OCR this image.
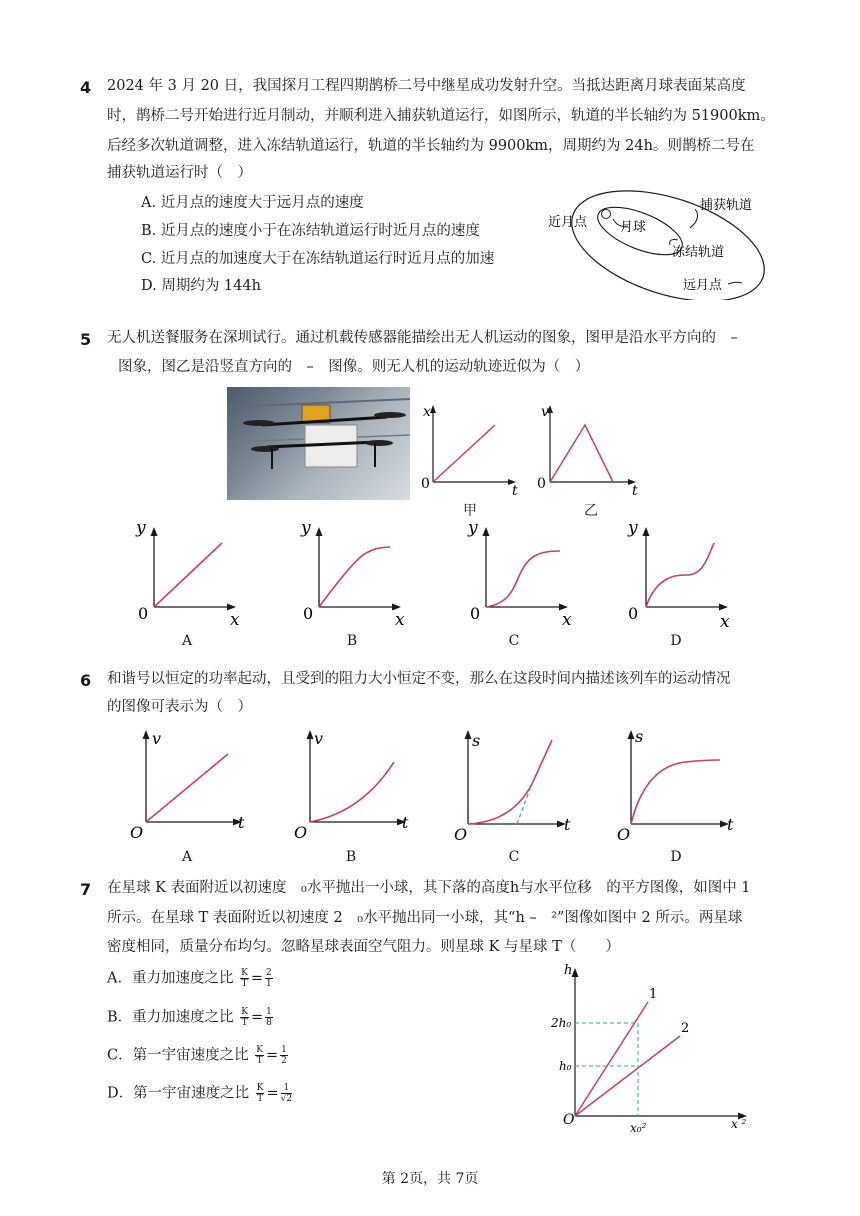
4 2024 年 3 月 20 日，我国探月工程四期鹊桥二号中继星成功发射升空。当抵达距离月球表面某高度
时，鹊桥二号开始进行近月制动，并顺利进入捕获轨道运行，如图所示，轨道的半长轴约为 51900km。
后经多次轨道调整，进入冻结轨道运行，轨道的半长轴约为 9900km，周期约为 24h。则鹊桥二号在
捕获轨道运行时（　）
A. 近月点的速度大于远月点的速度
B. 近月点的速度小于在冻结轨道运行时近月点的速度
C. 近月点的加速度大于在冻结轨道运行时近月点的加速
D. 周期约为 144h
捕获轨道
近月点	月球
冻结轨道
远月点
5 无人机送餐服务在深圳试行。通过机载传感器能描绘出无人机运动的图象，图甲是沿水平方向的　–
图象，图乙是沿竖直方向的　–　图像。则无人机的运动轨迹近似为（　）
x
t
0
甲
v
t
0
乙
y
x
0
A
y
x
0
B
y
x
0
C
y
x
0
D
6 和谐号以恒定的功率起动，且受到的阻力大小恒定不变，那么在这段时间内描述该列车的运动情况
的图像可表示为（　）
v
t
O
A
v
t
O
B
s
t
O
C
s
t
O
D
7 在星球 K 表面附近以初速度　₀水平抛出一小球，其下落的高度h与水平位移　的平方图像，如图中 1
所示。在星球 T 表面附近以初速度 2　₀水平抛出同一小球，其“h –　²”图像如图中 2 所示。两星球
密度相同，质量分布均匀。忽略星球表面空气阻力。则星球 K 与星球 T（　　）
A．重力加速度之比 $\frac{K}{T} = \frac{2}{1}$
B．重力加速度之比 $\frac{K}{T} = \frac{1}{8}$
C．第一宇宙速度之比 $\frac{K}{T} = \frac{1}{2}$
D．第一宇宙速度之比 $\frac{K}{T} = \frac{1}{√2}$
h
x ²
O
2h₀
h₀
x₀²
1
2
第 2页，共 7页
